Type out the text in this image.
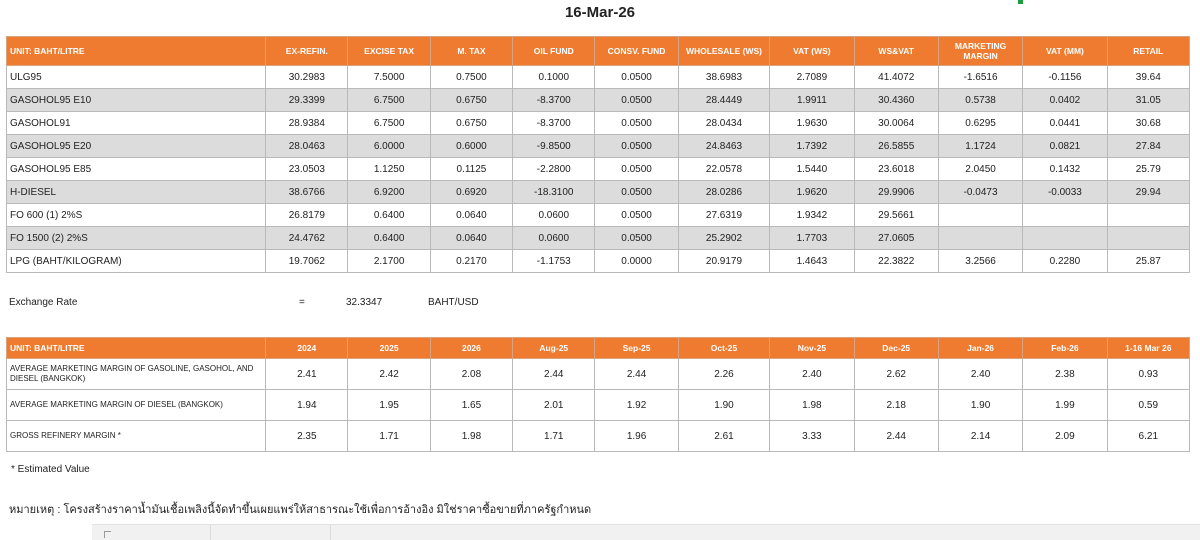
16-Mar-26
UNIT: BAHT/LITRE	EX-REFIN.	EXCISE TAX	M. TAX	OIL FUND	CONSV. FUND	WHOLESALE (WS)	VAT (WS)	WS&VAT	MARKETING
MARGIN	VAT (MM)	RETAIL
ULG95	30.2983	7.5000	0.7500	0.1000	0.0500	38.6983	2.7089	41.4072	-1.6516	-0.1156	39.64
GASOHOL95 E10	29.3399	6.7500	0.6750	-8.3700	0.0500	28.4449	1.9911	30.4360	0.5738	0.0402	31.05
GASOHOL91	28.9384	6.7500	0.6750	-8.3700	0.0500	28.0434	1.9630	30.0064	0.6295	0.0441	30.68
GASOHOL95 E20	28.0463	6.0000	0.6000	-9.8500	0.0500	24.8463	1.7392	26.5855	1.1724	0.0821	27.84
GASOHOL95 E85	23.0503	1.1250	0.1125	-2.2800	0.0500	22.0578	1.5440	23.6018	2.0450	0.1432	25.79
H-DIESEL	38.6766	6.9200	0.6920	-18.3100	0.0500	28.0286	1.9620	29.9906	-0.0473	-0.0033	29.94
FO 600 (1) 2%S	26.8179	0.6400	0.0640	0.0600	0.0500	27.6319	1.9342	29.5661			
FO 1500 (2) 2%S	24.4762	0.6400	0.0640	0.0600	0.0500	25.2902	1.7703	27.0605			
LPG (BAHT/KILOGRAM)	19.7062	2.1700	0.2170	-1.1753	0.0000	20.9179	1.4643	22.3822	3.2566	0.2280	25.87
Exchange Rate	=	32.3347	BAHT/USD
UNIT: BAHT/LITRE	2024	2025	2026	Aug-25	Sep-25	Oct-25	Nov-25	Dec-25	Jan-26	Feb-26	1-16 Mar 26
AVERAGE MARKETING MARGIN OF GASOLINE, GASOHOL, AND DIESEL (BANGKOK)	2.41	2.42	2.08	2.44	2.44	2.26	2.40	2.62	2.40	2.38	0.93
AVERAGE MARKETING MARGIN OF DIESEL (BANGKOK)	1.94	1.95	1.65	2.01	1.92	1.90	1.98	2.18	1.90	1.99	0.59
GROSS REFINERY MARGIN *	2.35	1.71	1.98	1.71	1.96	2.61	3.33	2.44	2.14	2.09	6.21
* Estimated Value
หมายเหตุ : โครงสร้างราคาน้ำมันเชื้อเพลิงนี้จัดทำขึ้นเผยแพร่ให้สาธารณะใช้เพื่อการอ้างอิง มิใช่ราคาซื้อขายที่ภาครัฐกำหนด
